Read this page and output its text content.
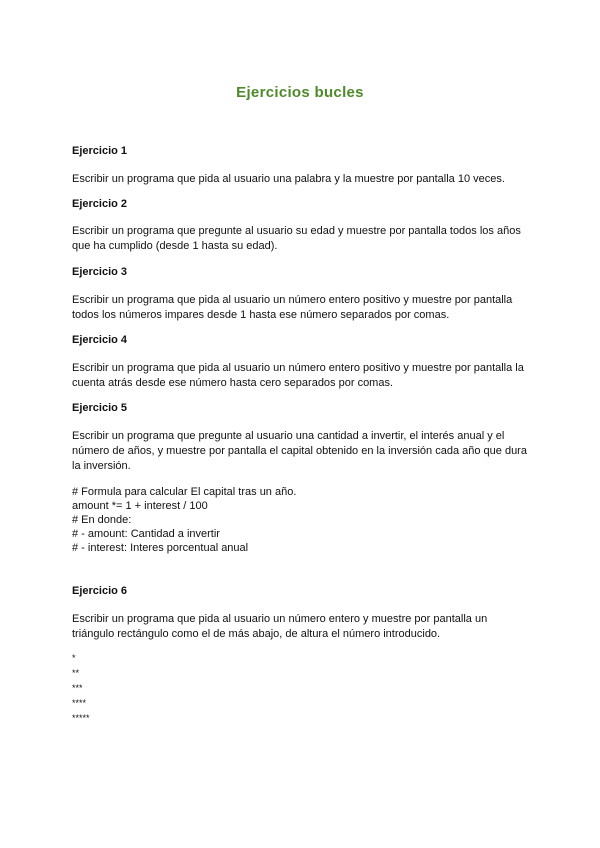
Ejercicios bucles
Ejercicio 1
Escribir un programa que pida al usuario una palabra y la muestre por pantalla 10 veces.
Ejercicio 2
Escribir un programa que pregunte al usuario su edad y muestre por pantalla todos los años que ha cumplido (desde 1 hasta su edad).
Ejercicio 3
Escribir un programa que pida al usuario un número entero positivo y muestre por pantalla todos los números impares desde 1 hasta ese número separados por comas.
Ejercicio 4
Escribir un programa que pida al usuario un número entero positivo y muestre por pantalla la cuenta atrás desde ese número hasta cero separados por comas.
Ejercicio 5
Escribir un programa que pregunte al usuario una cantidad a invertir, el interés anual y el número de años, y muestre por pantalla el capital obtenido en la inversión cada año que dura la inversión.
# Formula para calcular El capital tras un año.
amount *= 1 + interest / 100
# En donde:
# - amount: Cantidad a invertir
# - interest: Interes porcentual anual
Ejercicio 6
Escribir un programa que pida al usuario un número entero y muestre por pantalla un triángulo rectángulo como el de más abajo, de altura el número introducido.
*
**
***
****
*****
